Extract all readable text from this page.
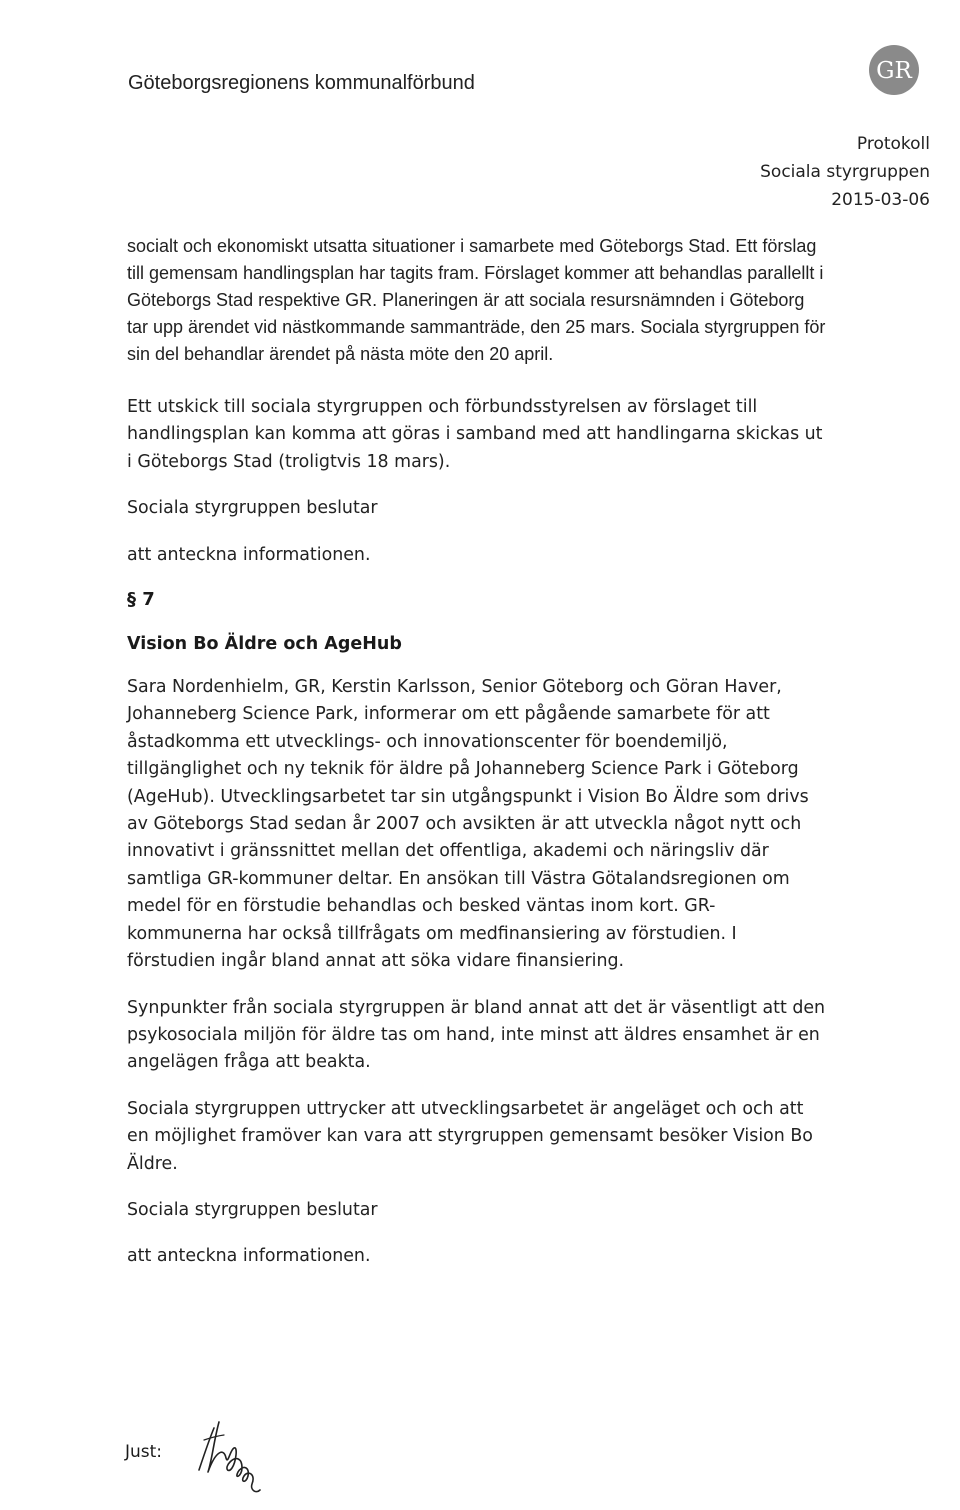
Göteborgsregionens kommunalförbund	GR
Protokoll
Sociala styrgruppen
2015-03-06

socialt och ekonomiskt utsatta situationer i samarbete med Göteborgs Stad. Ett förslag till gemensam handlingsplan har tagits fram. Förslaget kommer att behandlas parallellt i Göteborgs Stad respektive GR. Planeringen är att sociala resursnämnden i Göteborg tar upp ärendet vid nästkommande sammanträde, den 25 mars. Sociala styrgruppen för sin del behandlar ärendet på nästa möte den 20 april.

Ett utskick till sociala styrgruppen och förbundsstyrelsen av förslaget till handlingsplan kan komma att göras i samband med att handlingarna skickas ut i Göteborgs Stad (troligtvis 18 mars).

Sociala styrgruppen beslutar

att anteckna informationen.

§ 7
Vision Bo Äldre och AgeHub

Sara Nordenhielm, GR, Kerstin Karlsson, Senior Göteborg och Göran Haver, Johanneberg Science Park, informerar om ett pågående samarbete för att åstadkomma ett utvecklings- och innovationscenter för boendemiljö, tillgänglighet och ny teknik för äldre på Johanneberg Science Park i Göteborg (AgeHub). Utvecklingsarbetet tar sin utgångspunkt i Vision Bo Äldre som drivs av Göteborgs Stad sedan år 2007 och avsikten är att utveckla något nytt och innovativt i gränssnittet mellan det offentliga, akademi och näringsliv där samtliga GR-kommuner deltar. En ansökan till Västra Götalandsregionen om medel för en förstudie behandlas och besked väntas inom kort. GR-kommunerna har också tillfrågats om medfinansiering av förstudien. I förstudien ingår bland annat att söka vidare finansiering.

Synpunkter från sociala styrgruppen är bland annat att det är väsentligt att den psykosociala miljön för äldre tas om hand, inte minst att äldres ensamhet är en angelägen fråga att beakta.

Sociala styrgruppen uttrycker att utvecklingsarbetet är angeläget och och att en möjlighet framöver kan vara att styrgruppen gemensamt besöker Vision Bo Äldre.

Sociala styrgruppen beslutar

att anteckna informationen.

Just:
